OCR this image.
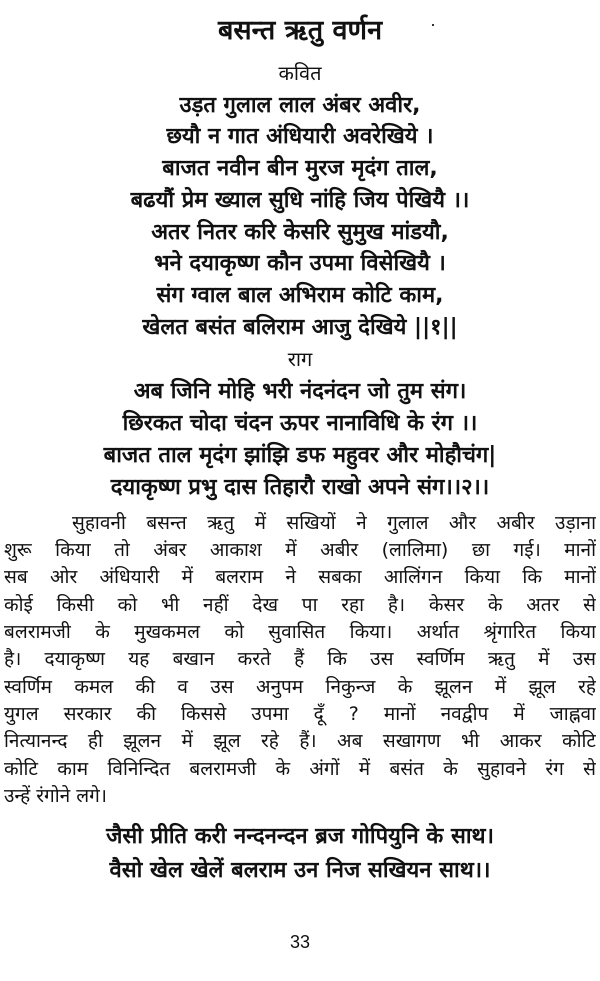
बसन्त ऋतु वर्णन
कवित
उड़त गुलाल लाल अंबर अवीर,
छयौ न गात अंधियारी अवरेखिये ।
बाजत नवीन बीन मुरज मृदंग ताल,
बढयौं प्रेम ख्याल सुधि नांहि जिय पेखियै ।।
अतर नितर करि केसरि सुमुख मांडयौ,
भने दयाकृष्ण कौन उपमा विसेखियै ।
संग ग्वाल बाल अभिराम कोटि काम,
खेलत बसंत बलिराम आजु देखिये ||१||
राग
अब जिनि मोहि भरी नंदनंदन जो तुम संग।
छिरकत चोदा चंदन ऊपर नानाविधि के रंग ।।
बाजत ताल मृदंग झांझि डफ महुवर और मोहौचंग|
दयाकृष्ण प्रभु दास तिहारौ राखो अपने संग।।२।।
सुहावनी बसन्त ऋतु में सखियों ने गुलाल और अबीर उड़ाना
शुरू किया तो अंबर आकाश में अबीर (लालिमा) छा गई। मानों
सब ओर अंधियारी में बलराम ने सबका आलिंगन किया कि मानों
कोई किसी को भी नहीं देख पा रहा है। केसर के अतर से
बलरामजी के मुखकमल को सुवासित किया। अर्थात श्रृंगारित किया
है। दयाकृष्ण यह बखान करते हैं कि उस स्वर्णिम ऋतु में उस
स्वर्णिम कमल की व उस अनुपम निकुन्ज के झूलन में झूल रहे
युगल सरकार की किससे उपमा दूँ ? मानों नवद्वीप में जाह्नवा
नित्यानन्द ही झूलन में झूल रहे हैं। अब सखागण भी आकर कोटि
कोटि काम विनिन्दित बलरामजी के अंगों में बसंत के सुहावने रंग से
उन्हें रंगोने लगे।
जैसी प्रीति करी नन्दनन्दन ब्रज गोपियुनि के साथ।
वैसो खेल खेलें बलराम उन निज सखियन साथ।।
33
